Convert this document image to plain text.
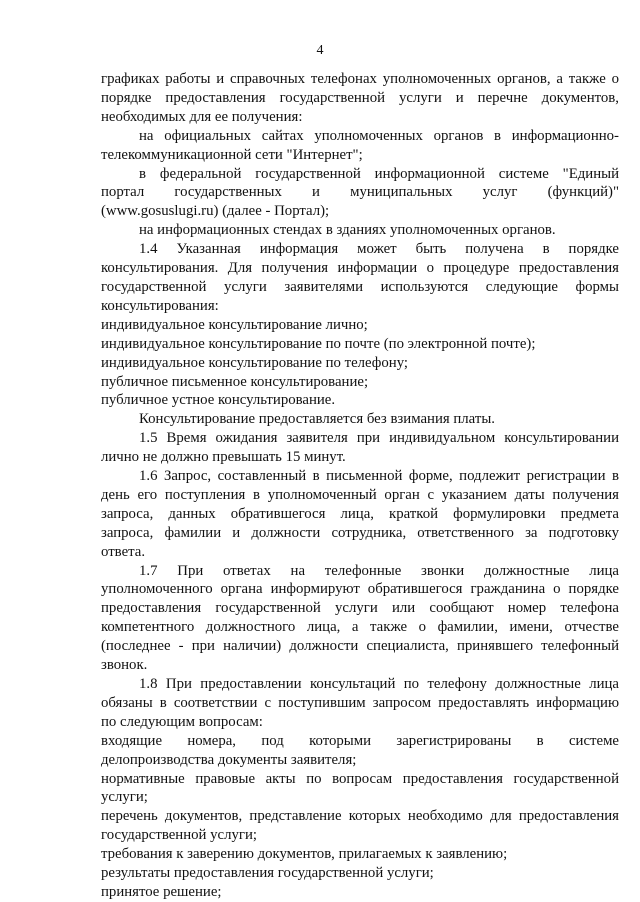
4
графиках работы и справочных телефонах уполномоченных органов, а также о
порядке предоставления государственной услуги и перечне документов,
необходимых для ее получения:
на официальных сайтах уполномоченных органов в информационно-
телекоммуникационной сети "Интернет";
в федеральной государственной информационной системе "Единый
портал государственных и муниципальных услуг (функций)"
(www.gosuslugi.ru) (далее - Портал);
на информационных стендах в зданиях уполномоченных органов.
1.4 Указанная информация может быть получена в порядке
консультирования. Для получения информации о процедуре предоставления
государственной услуги заявителями используются следующие формы
консультирования:
индивидуальное консультирование лично;
индивидуальное консультирование по почте (по электронной почте);
индивидуальное консультирование по телефону;
публичное письменное консультирование;
публичное устное консультирование.
Консультирование предоставляется без взимания платы.
1.5 Время ожидания заявителя при индивидуальном консультировании
лично не должно превышать 15 минут.
1.6 Запрос, составленный в письменной форме, подлежит регистрации в
день его поступления в уполномоченный орган с указанием даты получения
запроса, данных обратившегося лица, краткой формулировки предмета
запроса, фамилии и должности сотрудника, ответственного за подготовку
ответа.
1.7 При ответах на телефонные звонки должностные лица
уполномоченного органа информируют обратившегося гражданина о порядке
предоставления государственной услуги или сообщают номер телефона
компетентного должностного лица, а также о фамилии, имени, отчестве
(последнее - при наличии) должности специалиста, принявшего телефонный
звонок.
1.8 При предоставлении консультаций по телефону должностные лица
обязаны в соответствии с поступившим запросом предоставлять информацию
по следующим вопросам:
входящие номера, под которыми зарегистрированы в системе
делопроизводства документы заявителя;
нормативные правовые акты по вопросам предоставления государственной
услуги;
перечень документов, представление которых необходимо для предоставления
государственной услуги;
требования к заверению документов, прилагаемых к заявлению;
результаты предоставления государственной услуги;
принятое решение;
